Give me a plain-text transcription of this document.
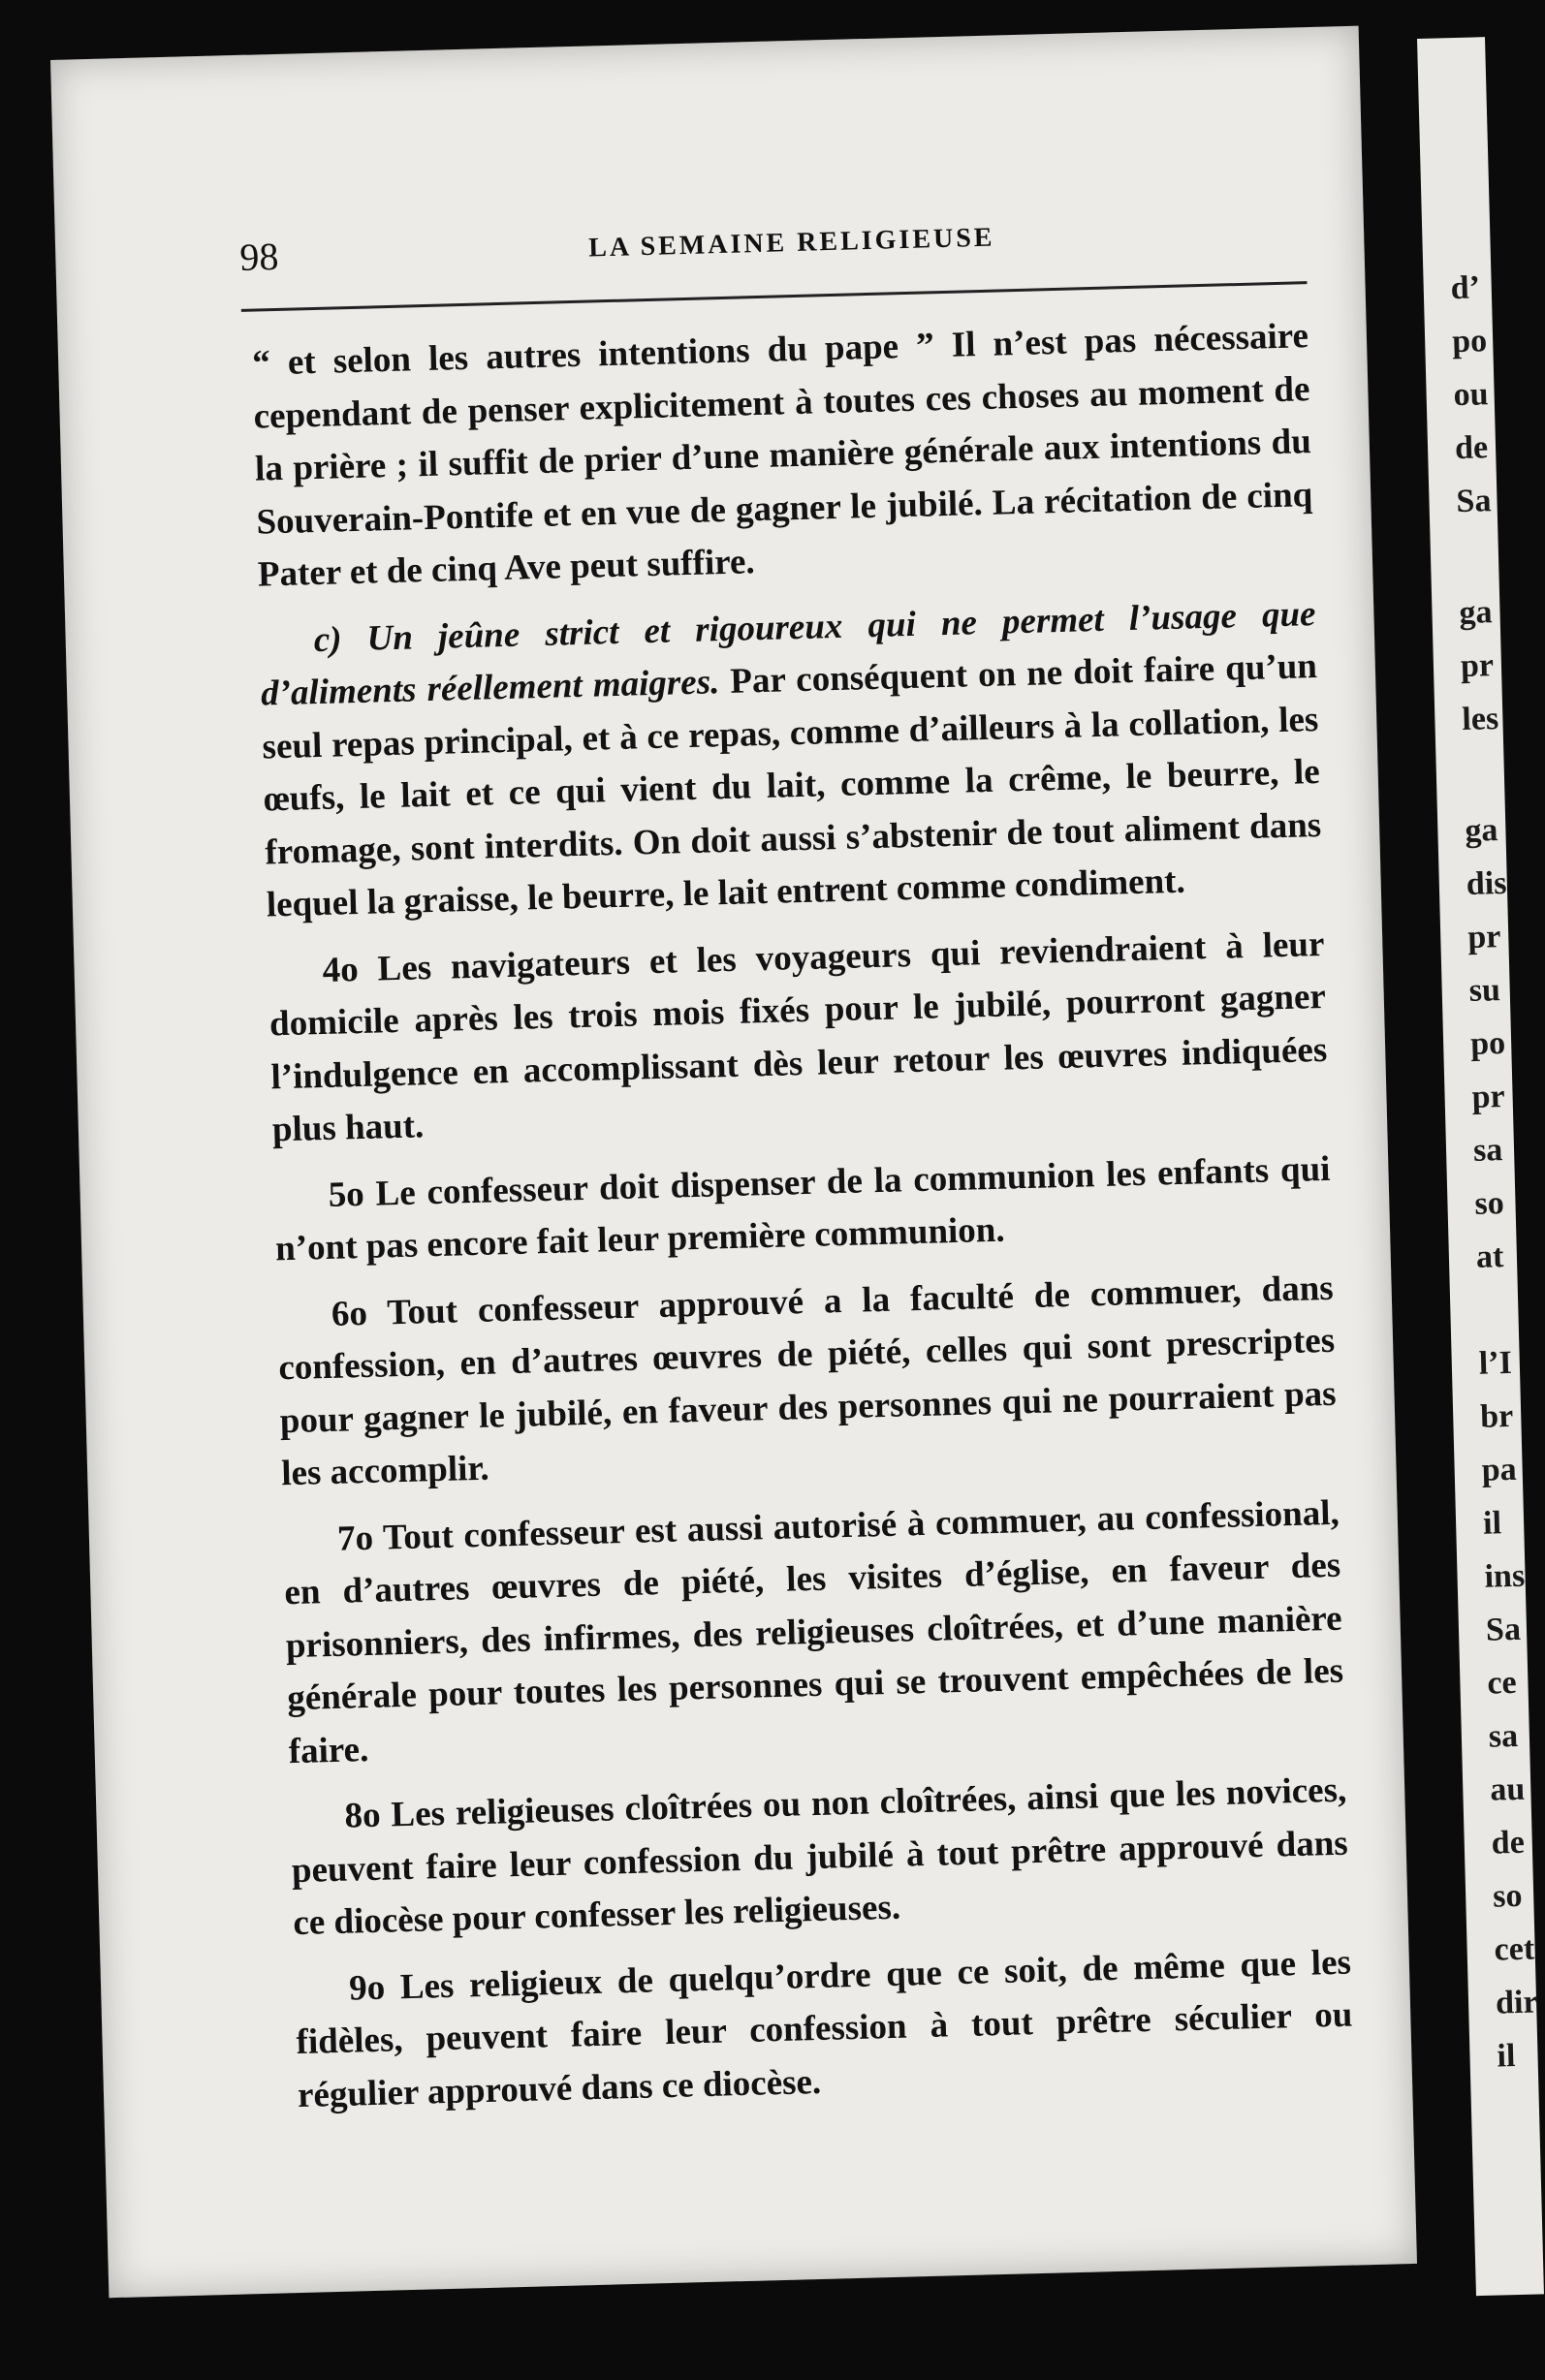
d’
po
ou
de
Sa
ga
pr
les
ga
dis
pr
su
po
pr
sa
so
at
l’I
br
pa
il
ins
Sa
ce
sa
au
de
so
cet
dir
il
98	LA SEMAINE RELIGIEUSE

“ et selon les autres intentions du pape ” Il n’est pas nécessaire cependant de penser explicitement à toutes ces choses au moment de la prière ; il suffit de prier d’une manière générale aux intentions du Souverain-Pontife et en vue de gagner le jubilé. La récitation de cinq Pater et de cinq Ave peut suffire.

c) Un jeûne strict et rigoureux qui ne permet l’usage que d’aliments réellement maigres. Par conséquent on ne doit faire qu’un seul repas principal, et à ce repas, comme d’ailleurs à la collation, les œufs, le lait et ce qui vient du lait, comme la crême, le beurre, le fromage, sont interdits. On doit aussi s’abstenir de tout aliment dans lequel la graisse, le beurre, le lait entrent comme condiment.

4o Les navigateurs et les voyageurs qui reviendraient à leur domicile après les trois mois fixés pour le jubilé, pourront gagner l’indulgence en accomplissant dès leur retour les œuvres indiquées plus haut.

5o Le confesseur doit dispenser de la communion les enfants qui n’ont pas encore fait leur première communion.

6o Tout confesseur approuvé a la faculté de commuer, dans confession, en d’autres œuvres de piété, celles qui sont prescriptes pour gagner le jubilé, en faveur des personnes qui ne pourraient pas les accomplir.

7o Tout confesseur est aussi autorisé à commuer, au confessional, en d’autres œuvres de piété, les visites d’église, en faveur des prisonniers, des infirmes, des religieuses cloîtrées, et d’une manière générale pour toutes les personnes qui se trouvent empêchées de les faire.

8o Les religieuses cloîtrées ou non cloîtrées, ainsi que les novices, peuvent faire leur confession du jubilé à tout prêtre approuvé dans ce diocèse pour confesser les religieuses.

9o Les religieux de quelqu’ordre que ce soit, de même que les fidèles, peuvent faire leur confession à tout prêtre séculier ou régulier approuvé dans ce diocèse.
